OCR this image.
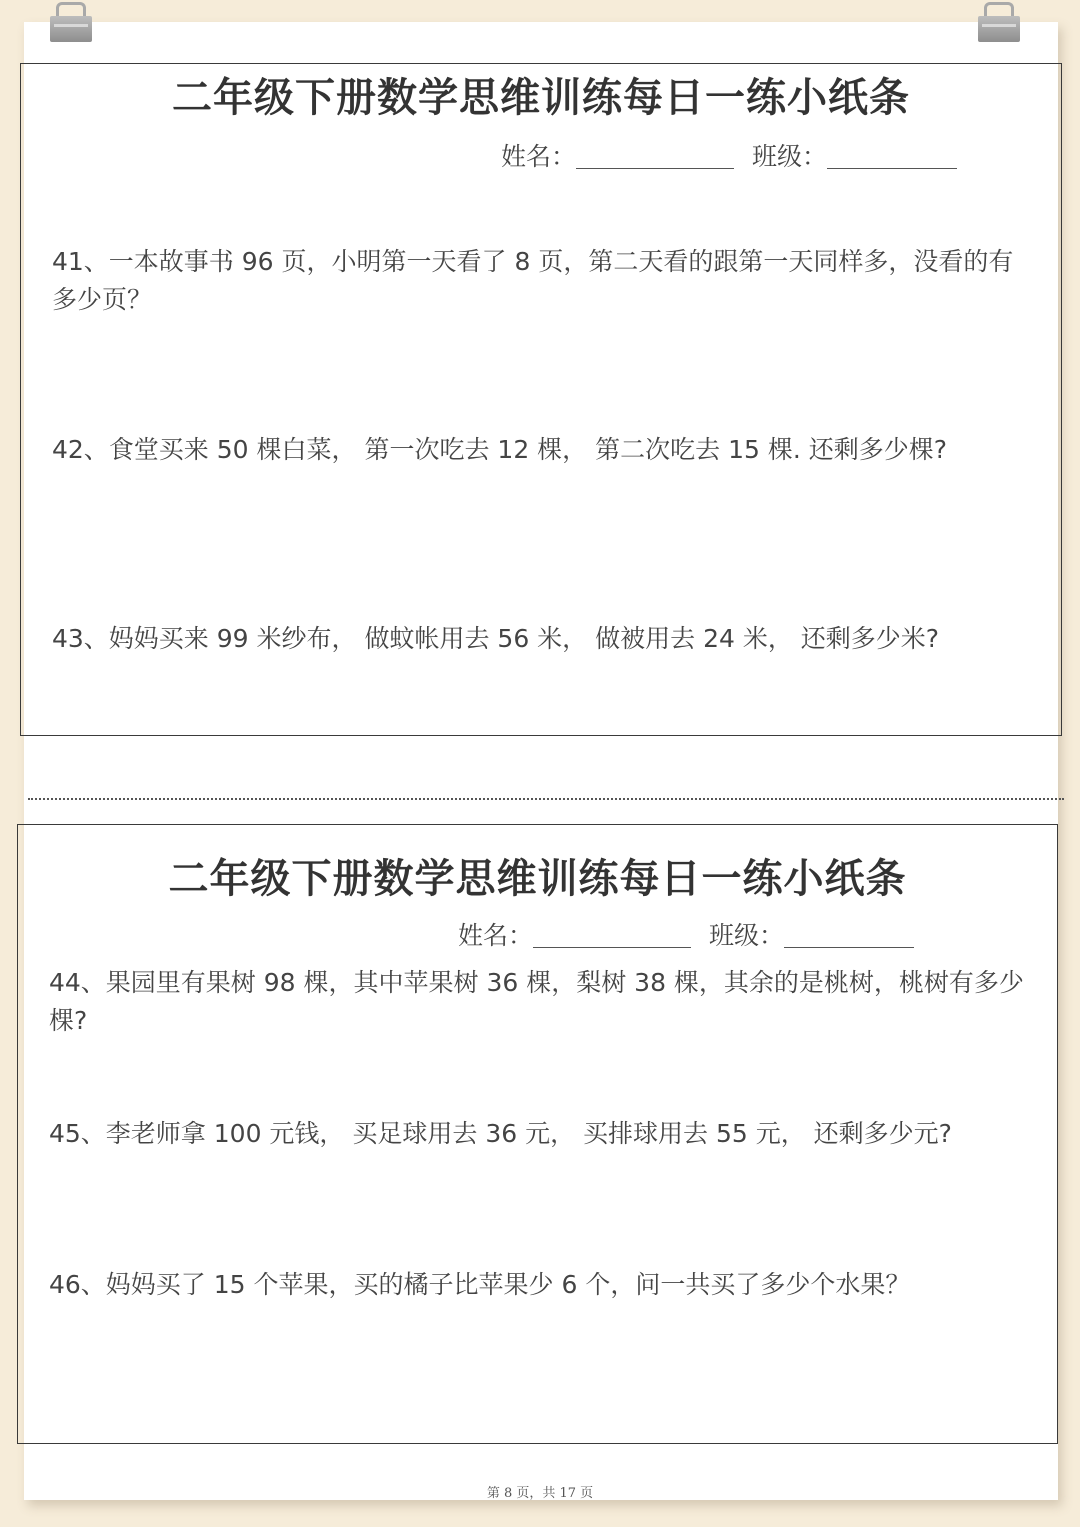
二年级下册数学思维训练每日一练小纸条
姓名：	班级：

41、一本故事书 96 页，小明第一天看了 8 页，第二天看的跟第一天同样多，没看的有多少页？

42、食堂买来 50 棵白菜， 第一次吃去 12 棵， 第二次吃去 15 棵. 还剩多少棵?

43、妈妈买来 99 米纱布， 做蚊帐用去 56 米， 做被用去 24 米， 还剩多少米?

二年级下册数学思维训练每日一练小纸条
姓名：	班级：

44、果园里有果树 98 棵，其中苹果树 36 棵，梨树 38 棵，其余的是桃树，桃树有多少棵?

45、李老师拿 100 元钱， 买足球用去 36 元， 买排球用去 55 元， 还剩多少元?

46、妈妈买了 15 个苹果，买的橘子比苹果少 6 个，问一共买了多少个水果？

第 8 页，共 17 页
